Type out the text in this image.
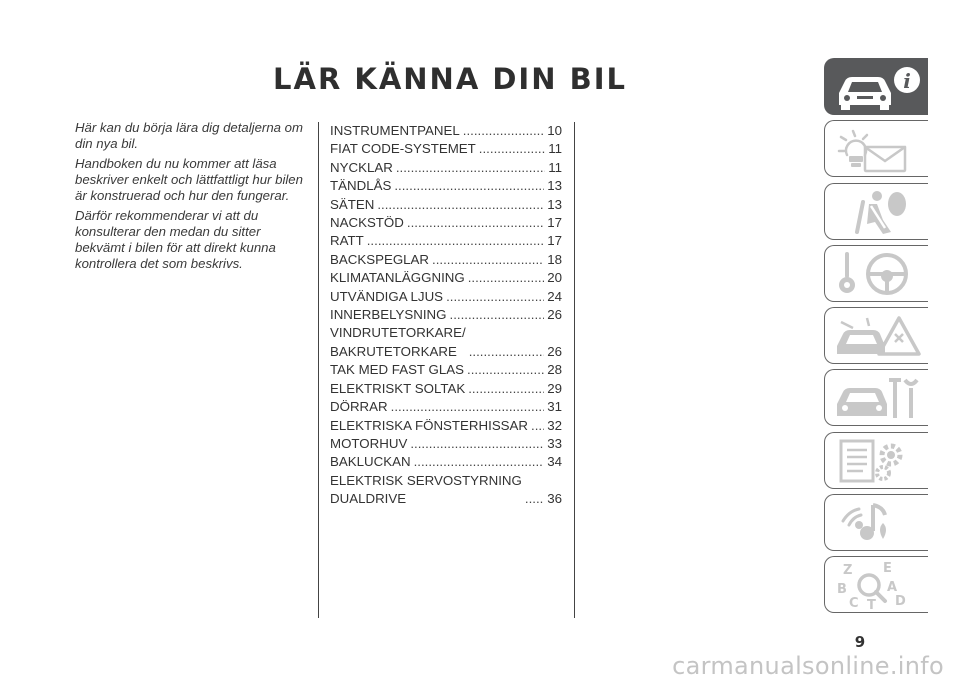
LÄR KÄNNA DIN BIL

Här kan du börja lära dig detaljerna om din nya bil.

Handboken du nu kommer att läsa beskriver enkelt och lättfattligt hur bilen är konstruerad och hur den fungerar.

Därför rekommenderar vi att du konsulterar den medan du sitter bekvämt i bilen för att direkt kunna kontrollera det som beskrivs.

INSTRUMENTPANEL .....	10
FIAT CODE-SYSTEMET .....	11
NYCKLAR .....	11
TÄNDLÅS .....	13
SÄTEN .....	13
NACKSTÖD .....	17
RATT .....	17
BACKSPEGLAR .....	18
KLIMATANLÄGGNING .....	20
UTVÄNDIGA LJUS .....	24
INNERBELYSNING .....	26
VINDRUTETORKARE/
BAKRUTETORKARE .....	26
TAK MED FAST GLAS .....	28
ELEKTRISKT SOLTAK .....	29
DÖRRAR .....	31
ELEKTRISKA FÖNSTERHISSAR ..... 32
MOTORHUV .....	33
BAKLUCKAN .....	34
ELEKTRISK SERVOSTYRNING
DUALDRIVE .....	36
i
Z E
B	A
C T D
9
carmanualsonline.info
